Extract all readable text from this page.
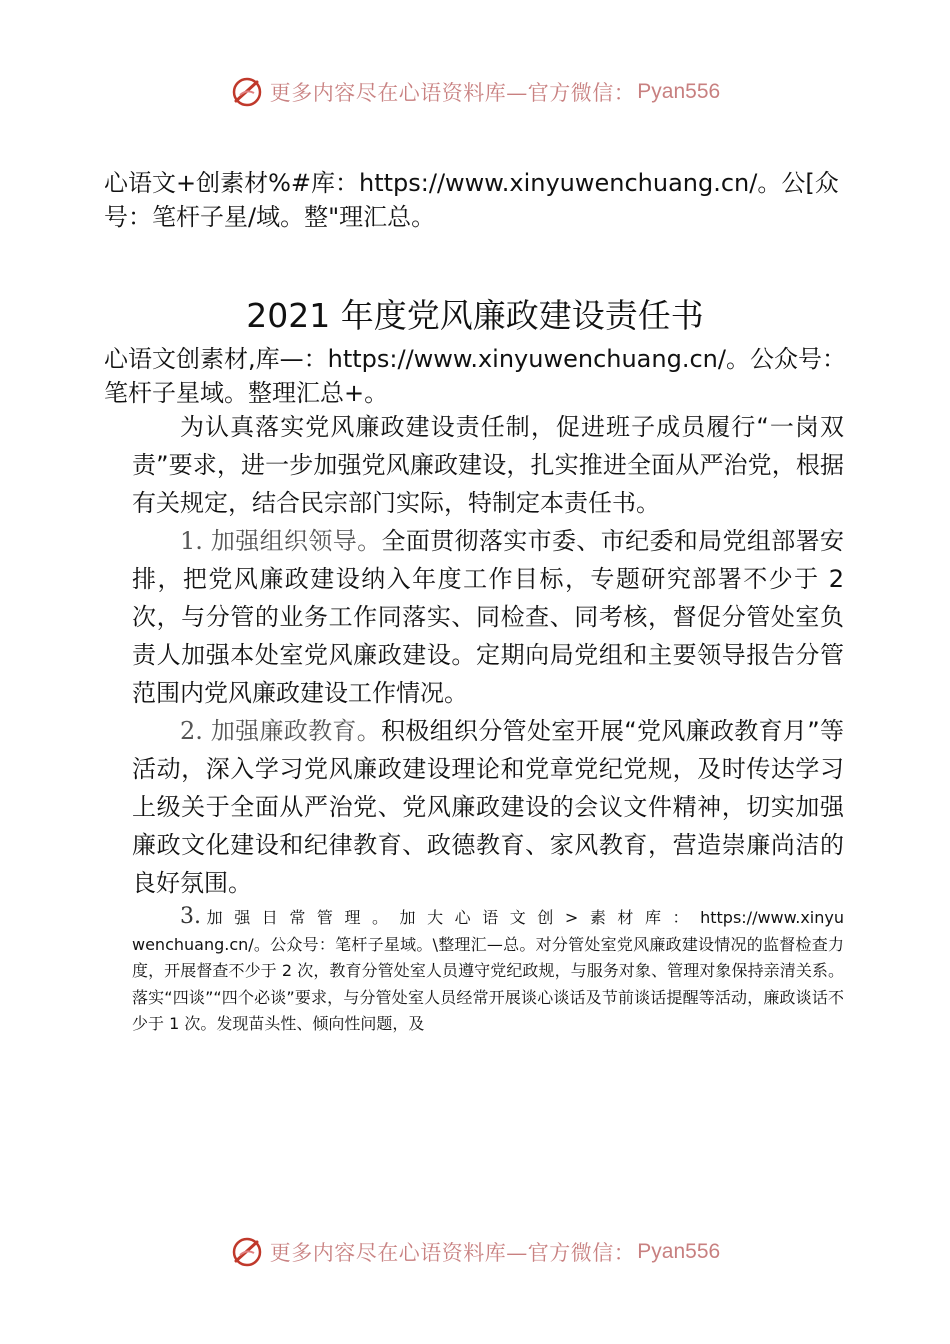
更多内容尽在心语资料库—官方微信： Pyan556
心语文+创素材%#库：https://www.xinyuwenchuang.cn/。公[众号：笔杆子星/域。整"理汇总。
2021 年度党风廉政建设责任书
心语文创素材,库—：https://www.xinyuwenchuang.cn/。公众号：笔杆子星域。整理汇总+。
为认真落实党风廉政建设责任制，促进班子成员履行“一岗双责”要求，进一步加强党风廉政建设，扎实推进全面从严治党，根据有关规定，结合民宗部门实际，特制定本责任书。
1. 加强组织领导。全面贯彻落实市委、市纪委和局党组部署安排，把党风廉政建设纳入年度工作目标，专题研究部署不少于 2 次，与分管的业务工作同落实、同检查、同考核，督促分管处室负责人加强本处室党风廉政建设。定期向局党组和主要领导报告分管范围内党风廉政建设工作情况。
2. 加强廉政教育。积极组织分管处室开展“党风廉政教育月”等活动，深入学习党风廉政建设理论和党章党纪党规，及时传达学习上级关于全面从严治党、党风廉政建设的会议文件精神，切实加强廉政文化建设和纪律教育、政德教育、家风教育，营造崇廉尚洁的良好氛围。
3. 加强日常管理。加大心语文创>素材库：https://www.xinyuwenchuang.cn/。公众号：笔杆子星域。\整理汇—总。对分管处室党风廉政建设情况的监督检查力度，开展督查不少于 2 次，教育分管处室人员遵守党纪政规，与服务对象、管理对象保持亲清关系。落实“四谈”“四个必谈”要求，与分管处室人员经常开展谈心谈话及节前谈话提醒等活动，廉政谈话不少于 1 次。发现苗头性、倾向性问题，及
更多内容尽在心语资料库—官方微信： Pyan556
